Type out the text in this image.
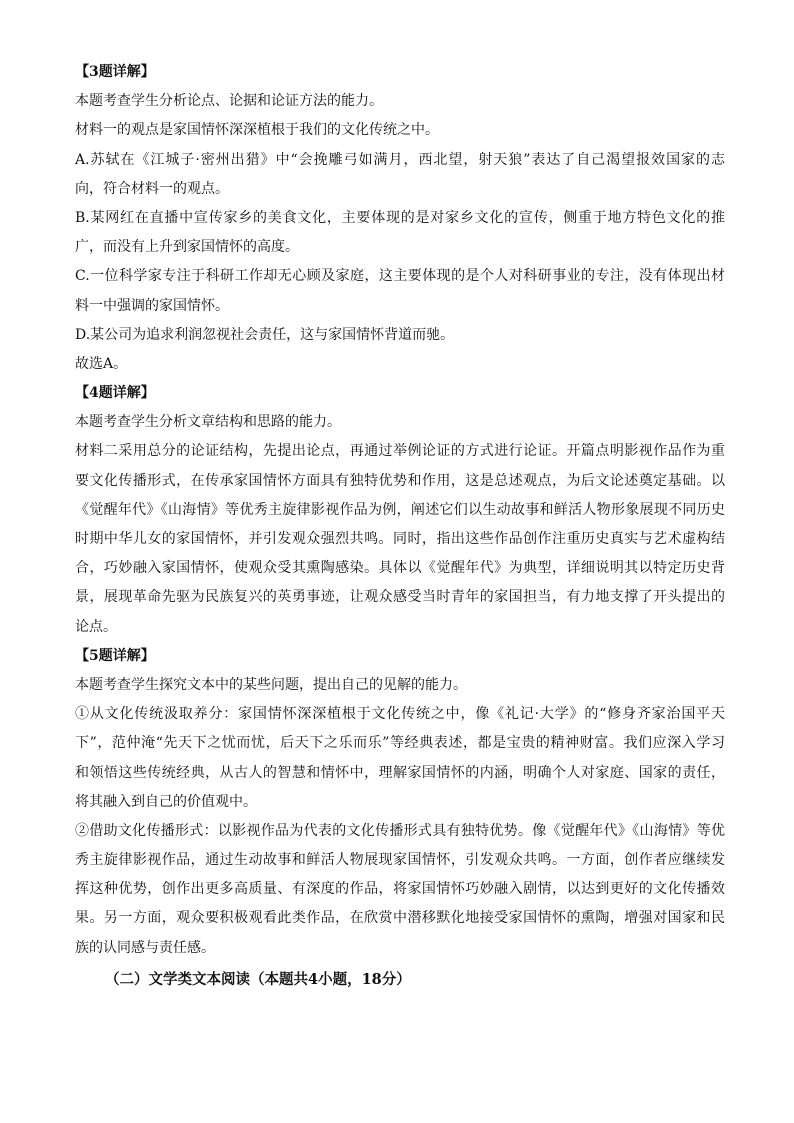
【3题详解】
本题考查学生分析论点、论据和论证方法的能力。
材料一的观点是家国情怀深深植根于我们的文化传统之中。
A.苏轼在《江城子·密州出猎》中“会挽雕弓如满月，西北望，射天狼”表达了自己渴望报效国家的志
向，符合材料一的观点。
B.某网红在直播中宣传家乡的美食文化，主要体现的是对家乡文化的宣传，侧重于地方特色文化的推
广，而没有上升到家国情怀的高度。
C.一位科学家专注于科研工作却无心顾及家庭，这主要体现的是个人对科研事业的专注，没有体现出材
料一中强调的家国情怀。
D.某公司为追求利润忽视社会责任，这与家国情怀背道而驰。
故选A。
【4题详解】
本题考查学生分析文章结构和思路的能力。
材料二采用总分的论证结构，先提出论点，再通过举例论证的方式进行论证。开篇点明影视作品作为重
要文化传播形式，在传承家国情怀方面具有独特优势和作用，这是总述观点，为后文论述奠定基础。以
《觉醒年代》《山海情》等优秀主旋律影视作品为例，阐述它们以生动故事和鲜活人物形象展现不同历史
时期中华儿女的家国情怀，并引发观众强烈共鸣。同时，指出这些作品创作注重历史真实与艺术虚构结
合，巧妙融入家国情怀，使观众受其熏陶感染。具体以《觉醒年代》为典型，详细说明其以特定历史背
景，展现革命先驱为民族复兴的英勇事迹，让观众感受当时青年的家国担当，有力地支撑了开头提出的
论点。
【5题详解】
本题考查学生探究文本中的某些问题，提出自己的见解的能力。
①从文化传统汲取养分：家国情怀深深植根于文化传统之中，像《礼记·大学》的“修身齐家治国平天
下”，范仲淹“先天下之忧而忧，后天下之乐而乐”等经典表述，都是宝贵的精神财富。我们应深入学习
和领悟这些传统经典，从古人的智慧和情怀中，理解家国情怀的内涵，明确个人对家庭、国家的责任，
将其融入到自己的价值观中。
②借助文化传播形式：以影视作品为代表的文化传播形式具有独特优势。像《觉醒年代》《山海情》等优
秀主旋律影视作品，通过生动故事和鲜活人物展现家国情怀，引发观众共鸣。一方面，创作者应继续发
挥这种优势，创作出更多高质量、有深度的作品，将家国情怀巧妙融入剧情，以达到更好的文化传播效
果。另一方面，观众要积极观看此类作品，在欣赏中潜移默化地接受家国情怀的熏陶，增强对国家和民
族的认同感与责任感。
（二）文学类文本阅读（本题共4小题，18分）
